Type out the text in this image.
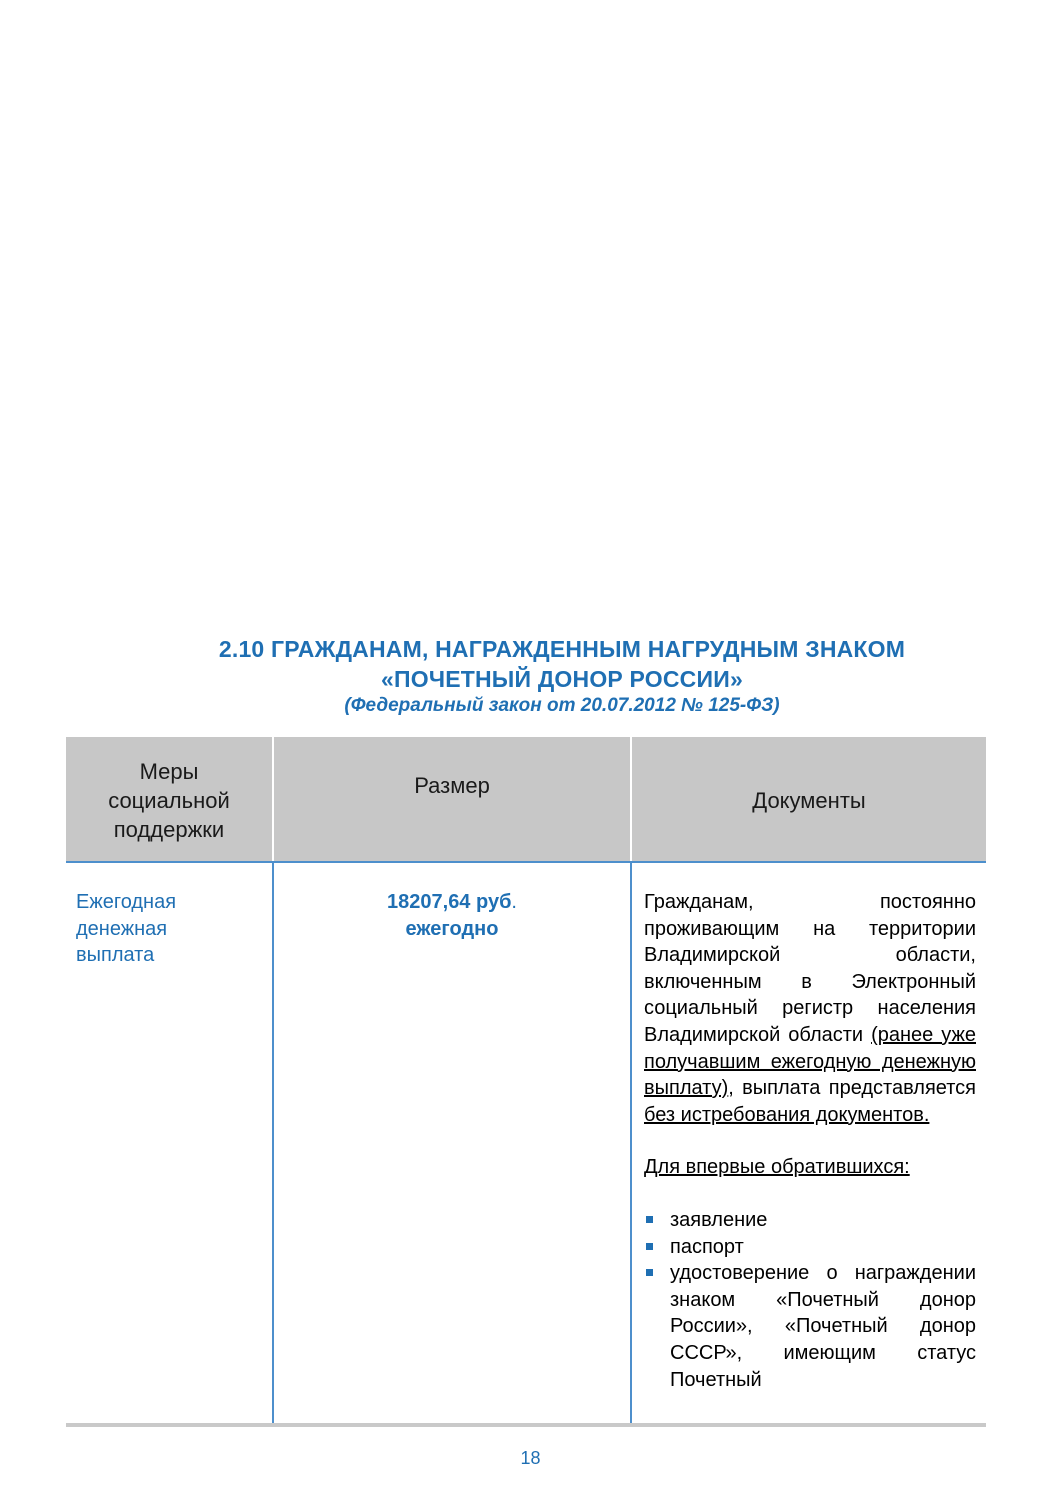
2.10 ГРАЖДАНАМ, НАГРАЖДЕННЫМ НАГРУДНЫМ ЗНАКОМ
«ПОЧЕТНЫЙ ДОНОР РОССИИ»
(Федеральный закон от 20.07.2012 № 125-ФЗ)
Меры
социальной
поддержки
Размер
Документы
Ежегодная
денежная
выплата
18207,64 руб.
ежегодно
Гражданам, постоянно проживающим на территории Владимирской области, включенным в Электронный социальный регистр населения Владимирской области (ранее уже получавшим ежегодную денежную выплату), выплата представляется без истребования документов.
Для впервые обратившихся:
заявление
паспорт
удостоверение о награждении знаком «Почетный донор России», «Почетный донор СССР», имеющим статус Почетный
18
